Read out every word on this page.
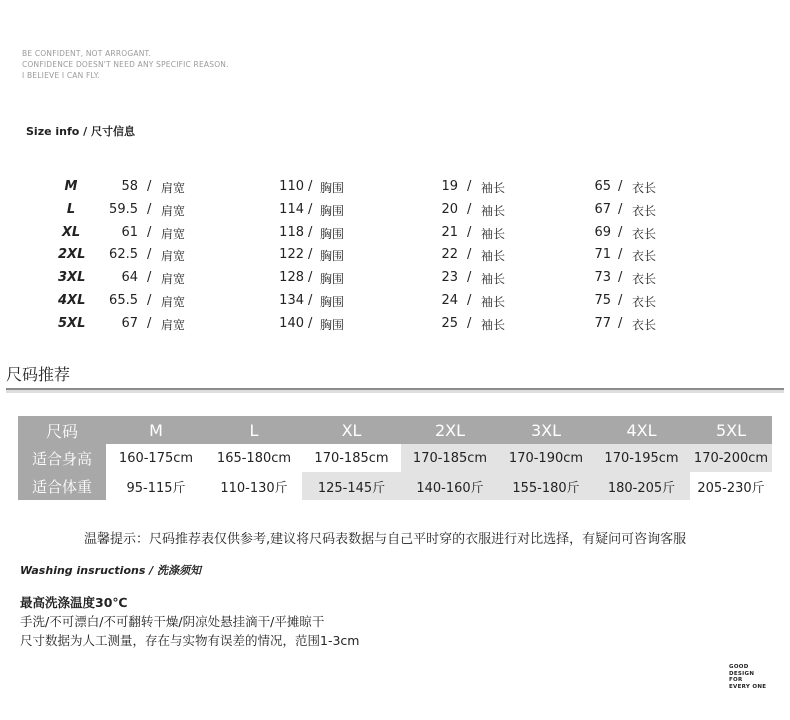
BE CONFIDENT, NOT ARROGANT.
CONFIDENCE DOESN'T NEED ANY SPECIFIC REASON.
I BELIEVE I CAN FLY.
Size info / 尺寸信息
M	58 / 肩宽	110 / 胸围	19 / 袖长	65 / 衣长
L	59.5 / 肩宽	114 / 胸围	20 / 袖长	67 / 衣长
XL	61 / 肩宽	118 / 胸围	21 / 袖长	69 / 衣长
2XL 62.5 / 肩宽	122 / 胸围	22 / 袖长	71 / 衣长
3XL	64 / 肩宽	128 / 胸围	23 / 袖长	73 / 衣长
4XL 65.5 / 肩宽	134 / 胸围	24 / 袖长	75 / 衣长
5XL	67 / 肩宽	140 / 胸围	25 / 袖长	77 / 衣长
尺码推荐
尺码	M	L	XL	2XL	3XL	4XL	5XL
适合身高	160-175cm	165-180cm	170-185cm	170-185cm	170-190cm	170-195cm	170-200cm
适合体重	95-115斤	110-130斤	125-145斤	140-160斤	155-180斤	180-205斤	205-230斤
温馨提示：尺码推荐表仅供参考,建议将尺码表数据与自己平时穿的衣服进行对比选择，有疑问可咨询客服
Washing insructions / 洗涤须知
最高洗涤温度30℃
手洗/不可漂白/不可翻转干燥/阴凉处悬挂滴干/平摊晾干
尺寸数据为人工测量，存在与实物有误差的情况，范围1-3cm
GOOD
DESIGN
FOR
EVERY ONE
